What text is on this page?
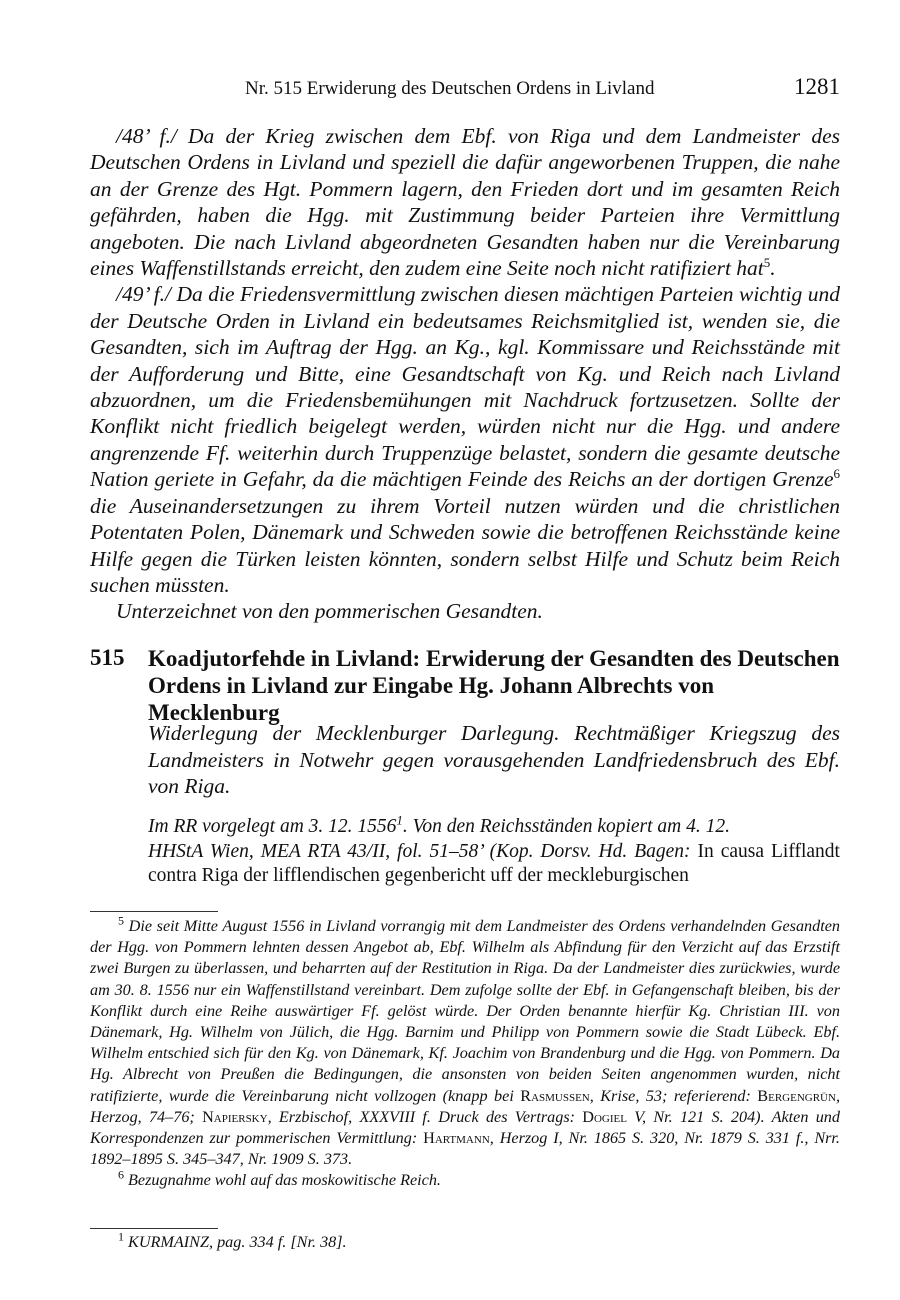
Nr. 515 Erwiderung des Deutschen Ordens in Livland	1281

/48’ f./ Da der Krieg zwischen dem Ebf. von Riga und dem Landmeister des Deutschen Ordens in Livland und speziell die dafür angeworbenen Truppen, die nahe an der Grenze des Hgt. Pommern lagern, den Frieden dort und im gesamten Reich gefährden, haben die Hgg. mit Zustimmung beider Parteien ihre Vermittlung angeboten. Die nach Livland abgeordneten Gesandten haben nur die Vereinbarung eines Waffenstillstands erreicht, den zudem eine Seite noch nicht ratifiziert hat$^5$.

/49’ f./ Da die Friedensvermittlung zwischen diesen mächtigen Parteien wichtig und der Deutsche Orden in Livland ein bedeutsames Reichsmitglied ist, wenden sie, die Gesandten, sich im Auftrag der Hgg. an Kg., kgl. Kommissare und Reichsstände mit der Aufforderung und Bitte, eine Gesandtschaft von Kg. und Reich nach Livland abzuordnen, um die Friedensbemühungen mit Nachdruck fortzusetzen. Sollte der Konflikt nicht friedlich beigelegt werden, würden nicht nur die Hgg. und andere angrenzende Ff. weiterhin durch Truppenzüge belastet, sondern die gesamte deutsche Nation geriete in Gefahr, da die mächtigen Feinde des Reichs an der dortigen Grenze$^6$ die Auseinandersetzungen zu ihrem Vorteil nutzen würden und die christlichen Potentaten Polen, Dänemark und Schweden sowie die betroffenen Reichsstände keine Hilfe gegen die Türken leisten könnten, sondern selbst Hilfe und Schutz beim Reich suchen müssten.

Unterzeichnet von den pommerischen Gesandten.

515 Koadjutorfehde in Livland: Erwiderung der Gesandten des Deutschen Ordens in Livland zur Eingabe Hg. Johann Albrechts von Mecklenburg

Widerlegung der Mecklenburger Darlegung. Rechtmäßiger Kriegszug des Landmeisters in Notwehr gegen vorausgehenden Landfriedensbruch des Ebf. von Riga.

Im RR vorgelegt am 3. 12. 1556$^1$. Von den Reichsständen kopiert am 4. 12.
HHStA Wien, MEA RTA 43/II, fol. 51–58’ (Kop. Dorsv. Hd. Bagen: In causa Lifflandt contra Riga der lifflendischen gegenbericht uff der meckleburgischen

$^5$ Die seit Mitte August 1556 in Livland vorrangig mit dem Landmeister des Ordens verhandelnden Gesandten der Hgg. von Pommern lehnten dessen Angebot ab, Ebf. Wilhelm als Abfindung für den Verzicht auf das Erzstift zwei Burgen zu überlassen, und beharrten auf der Restitution in Riga. Da der Landmeister dies zurückwies, wurde am 30. 8. 1556 nur ein Waffenstillstand vereinbart. Dem zufolge sollte der Ebf. in Gefangenschaft bleiben, bis der Konflikt durch eine Reihe auswärtiger Ff. gelöst würde. Der Orden benannte hierfür Kg. Christian III. von Dänemark, Hg. Wilhelm von Jülich, die Hgg. Barnim und Philipp von Pommern sowie die Stadt Lübeck. Ebf. Wilhelm entschied sich für den Kg. von Dänemark, Kf. Joachim von Brandenburg und die Hgg. von Pommern. Da Hg. Albrecht von Preußen die Bedingungen, die ansonsten von beiden Seiten angenommen wurden, nicht ratifizierte, wurde die Vereinbarung nicht vollzogen (knapp bei Rasmussen, Krise, 53; referierend: Bergengrün, Herzog, 74–76; Napiersky, Erzbischof, XXXVIII f. Druck des Vertrags: Dogiel V, Nr. 121 S. 204). Akten und Korrespondenzen zur pommerischen Vermittlung: Hartmann, Herzog I, Nr. 1865 S. 320, Nr. 1879 S. 331 f., Nrr. 1892–1895 S. 345–347, Nr. 1909 S. 373.

$^6$ Bezugnahme wohl auf das moskowitische Reich.

$^1$ KURMAINZ, pag. 334 f. [Nr. 38].
